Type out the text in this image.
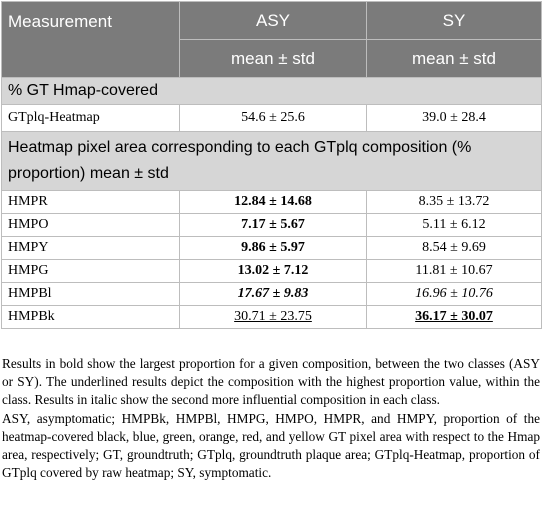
Measurement	ASY	SY
	mean ± std	mean ± std
% GT Hmap-covered		
GTplq-Heatmap	54.6 ± 25.6	39.0 ± 28.4
Heatmap pixel area corresponding to each GTplq composition (% proportion) mean ± std		
HMPR	12.84 ± 14.68	8.35 ± 13.72
HMPO	7.17 ± 5.67	5.11 ± 6.12
HMPY	9.86 ± 5.97	8.54 ± 9.69
HMPG	13.02 ± 7.12	11.81 ± 10.67
HMPBl	17.67 ± 9.83	16.96 ± 10.76
HMPBk	30.71 ± 23.75	36.17 ± 30.07

Results in bold show the largest proportion for a given composition, between the two classes (ASY or SY). The underlined results depict the composition with the highest proportion value, within the class. Results in italic show the second more influential composition in each class.

ASY, asymptomatic; HMPBk, HMPBl, HMPG, HMPO, HMPR, and HMPY, proportion of the heatmap-covered black, blue, green, orange, red, and yellow GT pixel area with respect to the Hmap area, respectively; GT, groundtruth; GTplq, groundtruth plaque area; GTplq-Heatmap, proportion of GTplq covered by raw heatmap; SY, symptomatic.
